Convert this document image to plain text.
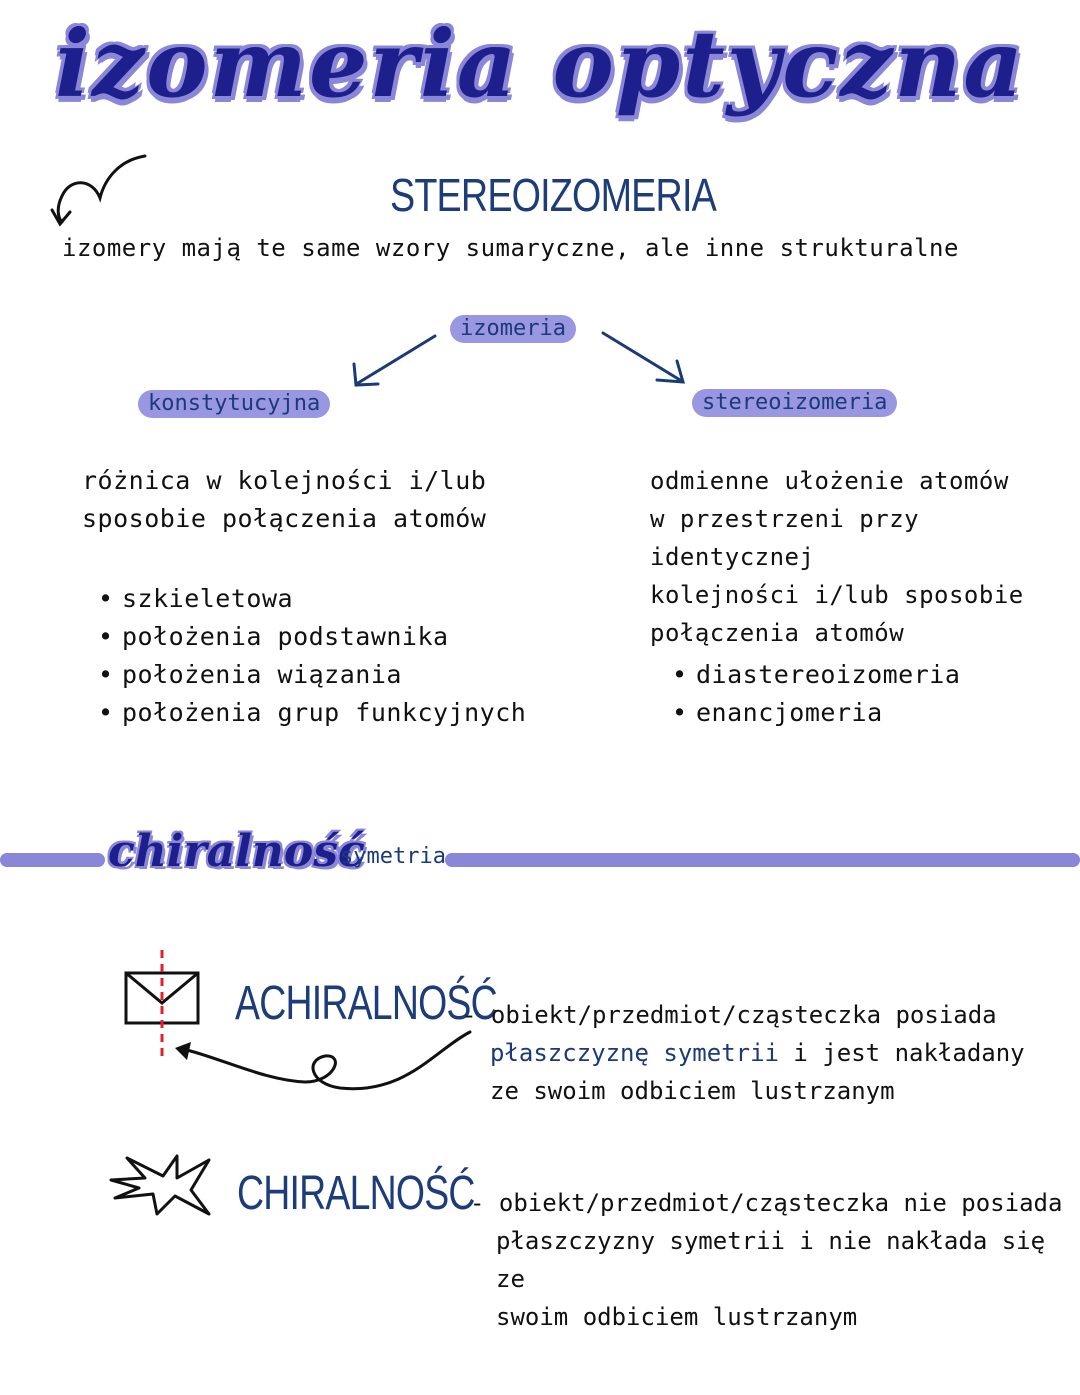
izomeria optyczna
STEREOIZOMERIA
izomery mają te same wzory sumaryczne, ale inne strukturalne
izomeria
konstytucyjna	stereoizomeria
różnica w kolejności i/lub
sposobie połączenia atomów
• szkieletowa
• położenia podstawnika
• położenia wiązania
• położenia grup funkcyjnych
odmienne ułożenie atomów
w przestrzeni przy identycznej
kolejności i/lub sposobie
połączenia atomów
• diastereoizomeria
• enancjomeria
chiralność
symetria
ACHIRALNOŚĆ
- obiekt/przedmiot/cząsteczka posiada
płaszczyznę symetrii i jest nakładany
ze swoim odbiciem lustrzanym
CHIRALNOŚĆ
- obiekt/przedmiot/cząsteczka nie posiada
płaszczyzny symetrii i nie nakłada się ze
swoim odbiciem lustrzanym
